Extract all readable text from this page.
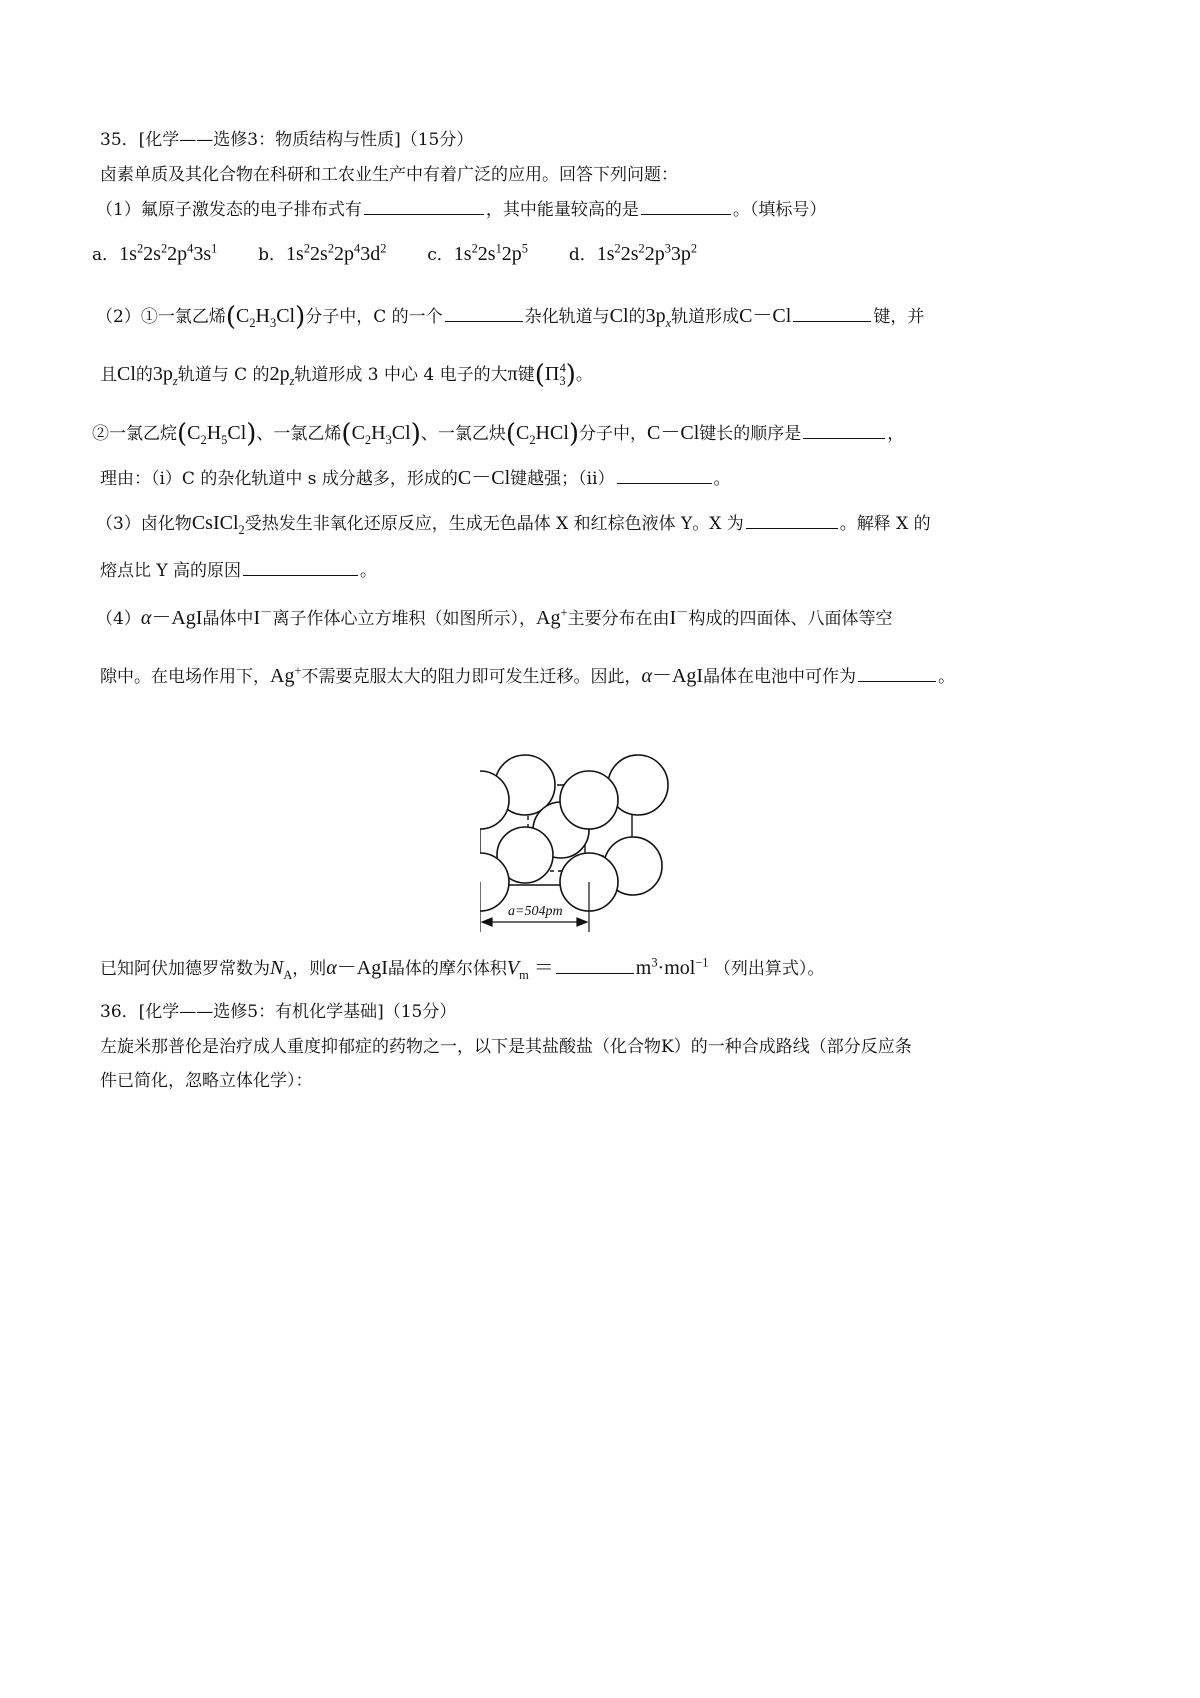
35．[化学——选修3：物质结构与性质]（15分）
卤素单质及其化合物在科研和工农业生产中有着广泛的应用。回答下列问题：
（1）氟原子激发态的电子排布式有	，其中能量较高的是	。（填标号）
a．$1s^22s^22p^43s^1$ b．$1s^22s^22p^43d^2$ c．$1s^22s^12p^5$ d．$1s^22s^22p^33p^2$
（2）①一氯乙烯$(C_2H_3Cl)$分子中，C 的一个	杂化轨道与Cl的$3p_x$轨道形成C－Cl	键，并
且Cl的$3p_z$轨道与 C 的$2p_z$轨道形成 3 中心 4 电子的大π键$(\Pi_3^4)$。
②一氯乙烷$(C_2H_5Cl)$、一氯乙烯$(C_2H_3Cl)$、一氯乙炔$(C_2HCl)$分子中，C－Cl键长的顺序是	，
理由：（ⅰ）C 的杂化轨道中 s 成分越多，形成的C－Cl键越强；（ⅱ）	。
（3）卤化物CsICl$_2$受热发生非氧化还原反应，生成无色晶体 X 和红棕色液体 Y。X 为	。解释 X 的
熔点比 Y 高的原因	。
（4）α－AgI晶体中I－离子作体心立方堆积（如图所示），Ag+主要分布在由I－构成的四面体、八面体等空
隙中。在电场作用下，Ag+不需要克服太大的阻力即可发生迁移。因此，α－AgI晶体在电池中可作为	。
a=504pm
已知阿伏加德罗常数为$N_A$，则α－AgI晶体的摩尔体积$V_m$ ＝	$m^3\cdot mol^{-1}$ （列出算式）。
36．[化学——选修5：有机化学基础]（15分）
左旋米那普伦是治疗成人重度抑郁症的药物之一，以下是其盐酸盐（化合物K）的一种合成路线（部分反应条
件已简化，忽略立体化学）：
